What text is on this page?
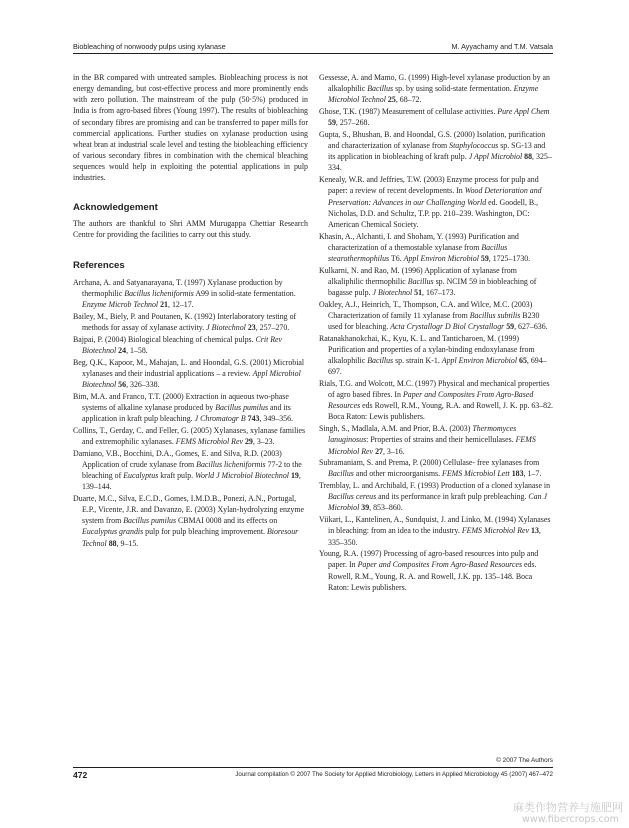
Biobleaching of nonwoody pulps using xylanase	M. Ayyachamy and T.M. Vatsala

in the BR compared with untreated samples. Biobleaching process is not energy demanding, but cost-effective process and more prominently ends with zero pollution. The mainstream of the pulp (50·5%) produced in India is from agro-based fibres (Young 1997). The results of biobleaching of secondary fibres are promising and can be transferred to paper mills for commercial applications. Further studies on xylanase production using wheat bran at industrial scale level and testing the biobleaching efficiency of various secondary fibres in combination with the chemical bleaching sequences would help in exploiting the potential applications in pulp industries.

Acknowledgement

The authors are thankful to Shri AMM Murugappa Chettiar Research Centre for providing the facilities to carry out this study.

References

Archana, A. and Satyanarayana, T. (1997) Xylanase production by thermophilic Bacillus licheniformis A99 in solid-state fermentation. Enzyme Microb Technol 21, 12–17.

Bailey, M., Biely, P. and Poutanen, K. (1992) Interlaboratory testing of methods for assay of xylanase activity. J Biotechnol 23, 257–270.

Bajpai, P. (2004) Biological bleaching of chemical pulps. Crit Rev Biotechnol 24, 1–58.

Beg, Q.K., Kapoor, M., Mahajan, L. and Hoondal, G.S. (2001) Microbial xylanases and their industrial applications – a review. Appl Microbiol Biotechnol 56, 326–338.

Bim, M.A. and Franco, T.T. (2000) Extraction in aqueous two-phase systems of alkaline xylanase produced by Bacillus pumilus and its application in kraft pulp bleaching. J Chromatogr B 743, 349–356.

Collins, T., Gerday, C. and Feller, G. (2005) Xylanases, xylanase families and extremophilic xylanases. FEMS Microbiol Rev 29, 3–23.

Damiano, V.B., Bocchini, D.A., Gomes, E. and Silva, R.D. (2003) Application of crude xylanase from Bacillus licheniformis 77-2 to the bleaching of Eucalyptus kraft pulp. World J Microbiol Biotechnol 19, 139–144.

Duarte, M.C., Silva, E.C.D., Gomes, I.M.D.B., Ponezi, A.N., Portugal, E.P., Vicente, J.R. and Davanzo, E. (2003) Xylan-hydrolyzing enzyme system from Bacillus pumilus CBMAI 0008 and its effects on Eucalyptus grandis pulp for pulp bleaching improvement. Bioresour Technol 88, 9–15.

Gessesse, A. and Mamo, G. (1999) High-level xylanase production by an alkalophilic Bacillus sp. by using solid-state fermentation. Enzyme Microbiol Technol 25, 68–72.

Ghose, T.K. (1987) Measurement of cellulase activities. Pure Appl Chem 59, 257–268.

Gupta, S., Bhushan, B. and Hoondal, G.S. (2000) Isolation, purification and characterization of xylanase from Staphylococcus sp. SG-13 and its application in biobleaching of kraft pulp. J Appl Microbiol 88, 325–334.

Kenealy, W.R. and Jeffries, T.W. (2003) Enzyme process for pulp and paper: a review of recent developments. In Wood Deterioration and Preservation: Advances in our Challenging World ed. Goodell, B., Nicholas, D.D. and Schultz, T.P. pp. 210–239. Washington, DC: American Chemical Society.

Khasin, A., Alchanti, I. and Shoham, Y. (1993) Purification and characterization of a themostable xylanase from Bacillus stearothermophilus T6. Appl Environ Microbiol 59, 1725–1730.

Kulkarni, N. and Rao, M. (1996) Application of xylanase from alkaliphilic thermophilic Bacillus sp. NCIM 59 in biobleaching of bagasse pulp. J Biotechnol 51, 167–173.

Oakley, A.J., Heinrich, T., Thompson, C.A. and Wilce, M.C. (2003) Characterization of family 11 xylanase from Bacillus subtilis B230 used for bleaching. Acta Crystallogr D Biol Crystallogr 59, 627–636.

Ratanakhanokchai, K., Kyu, K. L. and Tanticharoen, M. (1999) Purification and properties of a xylan-binding endoxylanase from alkalophilic Bacillus sp. strain K-1. Appl Environ Microbiol 65, 694–697.

Rials, T.G. and Wolcott, M.C. (1997) Physical and mechanical properties of agro based fibres. In Paper and Composites From Agro-Based Resources eds Rowell, R.M., Young, R.A. and Rowell, J. K. pp. 63–82. Boca Raton: Lewis publishers.

Singh, S., Madlala, A.M. and Prior, B.A. (2003) Thermomyces lanuginosus: Properties of strains and their hemicellulases. FEMS Microbiol Rev 27, 3–16.

Subramaniam, S. and Prema, P. (2000) Cellulase- free xylanases from Bacillus and other microorganisms. FEMS Microbiol Lett 183, 1–7.

Tremblay, L. and Archibald, F. (1993) Production of a cloned xylanase in Bacillus cereus and its performance in kraft pulp prebleaching. Can J Microbiol 39, 853–860.

Viikari, L., Kantelinen, A., Sundquist, J. and Linko, M. (1994) Xylanases in bleaching: from an idea to the industry. FEMS Microbiol Rev 13, 335–350.

Young, R.A. (1997) Processing of agro-based resources into pulp and paper. In Paper and Composites From Agro-Based Resources eds. Rowell, R.M., Young, R. A. and Rowell, J.K. pp. 135–148. Boca Raton: Lewis publishers.

© 2007 The Authors
472	Journal compilation © 2007 The Society for Applied Microbiology, Letters in Applied Microbiology 45 (2007) 467–472
麻类作物营养与施肥网
www.fibercrops.com
